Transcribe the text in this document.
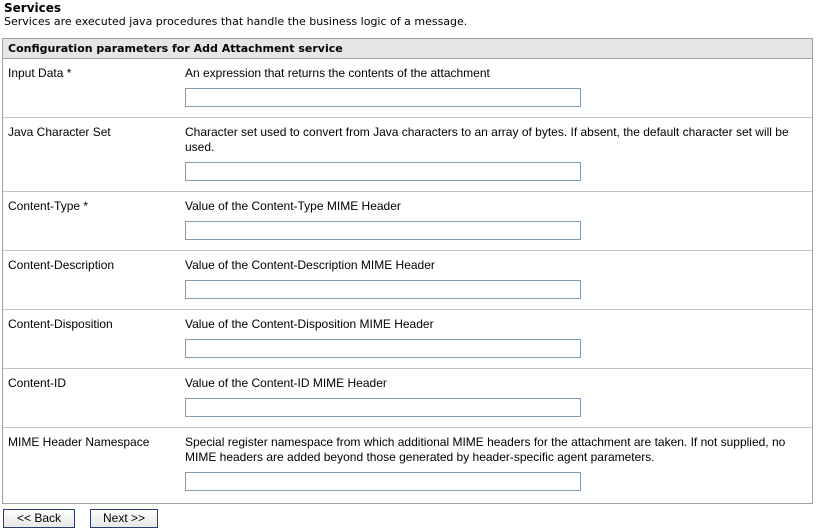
Services
Services are executed java procedures that handle the business logic of a message.
Configuration parameters for Add Attachment service
Input Data *	An expression that returns the contents of the attachment
Java Character Set	Character set used to convert from Java characters to an array of bytes. If absent, the default character set will be used.
Content-Type *	Value of the Content-Type MIME Header
Content-Description	Value of the Content-Description MIME Header
Content-Disposition	Value of the Content-Disposition MIME Header
Content-ID	Value of the Content-ID MIME Header
MIME Header Namespace	Special register namespace from which additional MIME headers for the attachment are taken. If not supplied, no MIME headers are added beyond those generated by header-specific agent parameters.
<< Back	Next >>
